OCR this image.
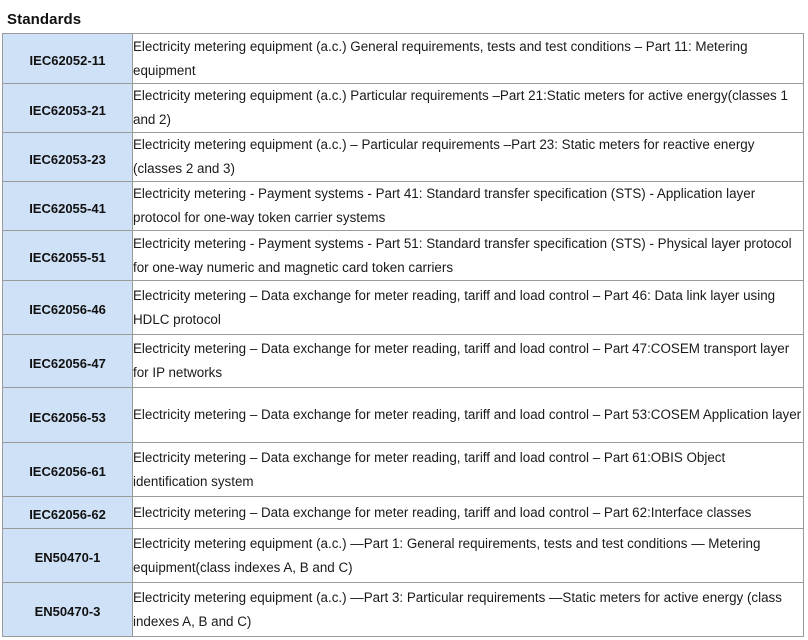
Standards
IEC62052-11	Electricity metering equipment (a.c.) General requirements, tests and test conditions – Part 11: Metering equipment

IEC62053-21	Electricity metering equipment (a.c.) Particular requirements –Part 21:Static meters for active energy(classes 1 and 2)

IEC62053-23	Electricity metering equipment (a.c.) – Particular requirements –Part 23: Static meters for reactive energy (classes 2 and 3)

IEC62055-41	Electricity metering - Payment systems - Part 41: Standard transfer specification (STS) - Application layer protocol for one-way token carrier systems

IEC62055-51	Electricity metering - Payment systems - Part 51: Standard transfer specification (STS) - Physical layer protocol for one-way numeric and magnetic card token carriers

IEC62056-46	Electricity metering – Data exchange for meter reading, tariff and load control – Part 46: Data link layer using HDLC protocol

IEC62056-47	Electricity metering – Data exchange for meter reading, tariff and load control – Part 47:COSEM transport layer for IP networks

IEC62056-53	Electricity metering – Data exchange for meter reading, tariff and load control – Part 53:COSEM Application layer

IEC62056-61	Electricity metering – Data exchange for meter reading, tariff and load control – Part 61:OBIS Object identification system

IEC62056-62	Electricity metering – Data exchange for meter reading, tariff and load control – Part 62:Interface classes

EN50470-1	Electricity metering equipment (a.c.) —Part 1: General requirements, tests and test conditions — Metering equipment(class indexes A, B and C)

EN50470-3	Electricity metering equipment (a.c.) —Part 3: Particular requirements —Static meters for active energy (class indexes A, B and C)
